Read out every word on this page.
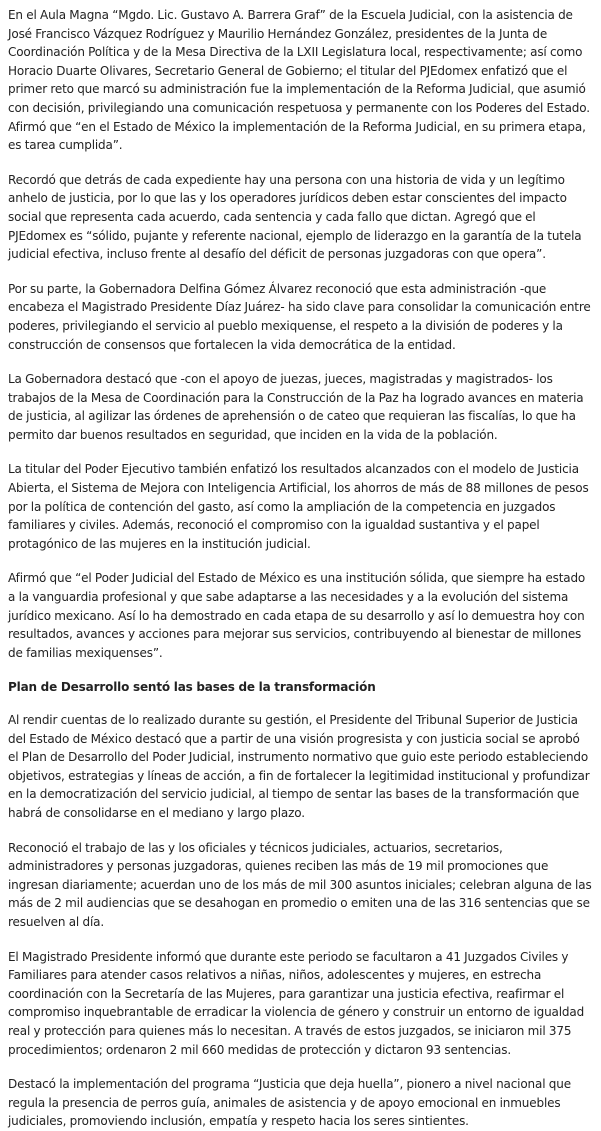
En el Aula Magna “Mgdo. Lic. Gustavo A. Barrera Graf” de la Escuela Judicial, con la asistencia de José Francisco Vázquez Rodríguez y Maurilio Hernández González, presidentes de la Junta de Coordinación Política y de la Mesa Directiva de la LXII Legislatura local, respectivamente; así como Horacio Duarte Olivares, Secretario General de Gobierno; el titular del PJEdomex enfatizó que el primer reto que marcó su administración fue la implementación de la Reforma Judicial, que asumió con decisión, privilegiando una comunicación respetuosa y permanente con los Poderes del Estado. Afirmó que “en el Estado de México la implementación de la Reforma Judicial, en su primera etapa, es tarea cumplida”.

Recordó que detrás de cada expediente hay una persona con una historia de vida y un legítimo anhelo de justicia, por lo que las y los operadores jurídicos deben estar conscientes del impacto social que representa cada acuerdo, cada sentencia y cada fallo que dictan. Agregó que el PJEdomex es “sólido, pujante y referente nacional, ejemplo de liderazgo en la garantía de la tutela judicial efectiva, incluso frente al desafío del déficit de personas juzgadoras con que opera”.

Por su parte, la Gobernadora Delfina Gómez Álvarez reconoció que esta administración -que encabeza el Magistrado Presidente Díaz Juárez- ha sido clave para consolidar la comunicación entre poderes, privilegiando el servicio al pueblo mexiquense, el respeto a la división de poderes y la construcción de consensos que fortalecen la vida democrática de la entidad.

La Gobernadora destacó que -con el apoyo de juezas, jueces, magistradas y magistrados- los trabajos de la Mesa de Coordinación para la Construcción de la Paz ha logrado avances en materia de justicia, al agilizar las órdenes de aprehensión o de cateo que requieran las fiscalías, lo que ha permito dar buenos resultados en seguridad, que inciden en la vida de la población.

La titular del Poder Ejecutivo también enfatizó los resultados alcanzados con el modelo de Justicia Abierta, el Sistema de Mejora con Inteligencia Artificial, los ahorros de más de 88 millones de pesos por la política de contención del gasto, así como la ampliación de la competencia en juzgados familiares y civiles. Además, reconoció el compromiso con la igualdad sustantiva y el papel protagónico de las mujeres en la institución judicial.

Afirmó que “el Poder Judicial del Estado de México es una institución sólida, que siempre ha estado a la vanguardia profesional y que sabe adaptarse a las necesidades y a la evolución del sistema jurídico mexicano. Así lo ha demostrado en cada etapa de su desarrollo y así lo demuestra hoy con resultados, avances y acciones para mejorar sus servicios, contribuyendo al bienestar de millones de familias mexiquenses”.

Plan de Desarrollo sentó las bases de la transformación

Al rendir cuentas de lo realizado durante su gestión, el Presidente del Tribunal Superior de Justicia del Estado de México destacó que a partir de una visión progresista y con justicia social se aprobó el Plan de Desarrollo del Poder Judicial, instrumento normativo que guio este periodo estableciendo objetivos, estrategias y líneas de acción, a fin de fortalecer la legitimidad institucional y profundizar en la democratización del servicio judicial, al tiempo de sentar las bases de la transformación que habrá de consolidarse en el mediano y largo plazo.

Reconoció el trabajo de las y los oficiales y técnicos judiciales, actuarios, secretarios, administradores y personas juzgadoras, quienes reciben las más de 19 mil promociones que ingresan diariamente; acuerdan uno de los más de mil 300 asuntos iniciales; celebran alguna de las más de 2 mil audiencias que se desahogan en promedio o emiten una de las 316 sentencias que se resuelven al día.

El Magistrado Presidente informó que durante este periodo se facultaron a 41 Juzgados Civiles y Familiares para atender casos relativos a niñas, niños, adolescentes y mujeres, en estrecha coordinación con la Secretaría de las Mujeres, para garantizar una justicia efectiva, reafirmar el compromiso inquebrantable de erradicar la violencia de género y construir un entorno de igualdad real y protección para quienes más lo necesitan. A través de estos juzgados, se iniciaron mil 375 procedimientos; ordenaron 2 mil 660 medidas de protección y dictaron 93 sentencias.

Destacó la implementación del programa “Justicia que deja huella”, pionero a nivel nacional que regula la presencia de perros guía, animales de asistencia y de apoyo emocional en inmuebles judiciales, promoviendo inclusión, empatía y respeto hacia los seres sintientes.
